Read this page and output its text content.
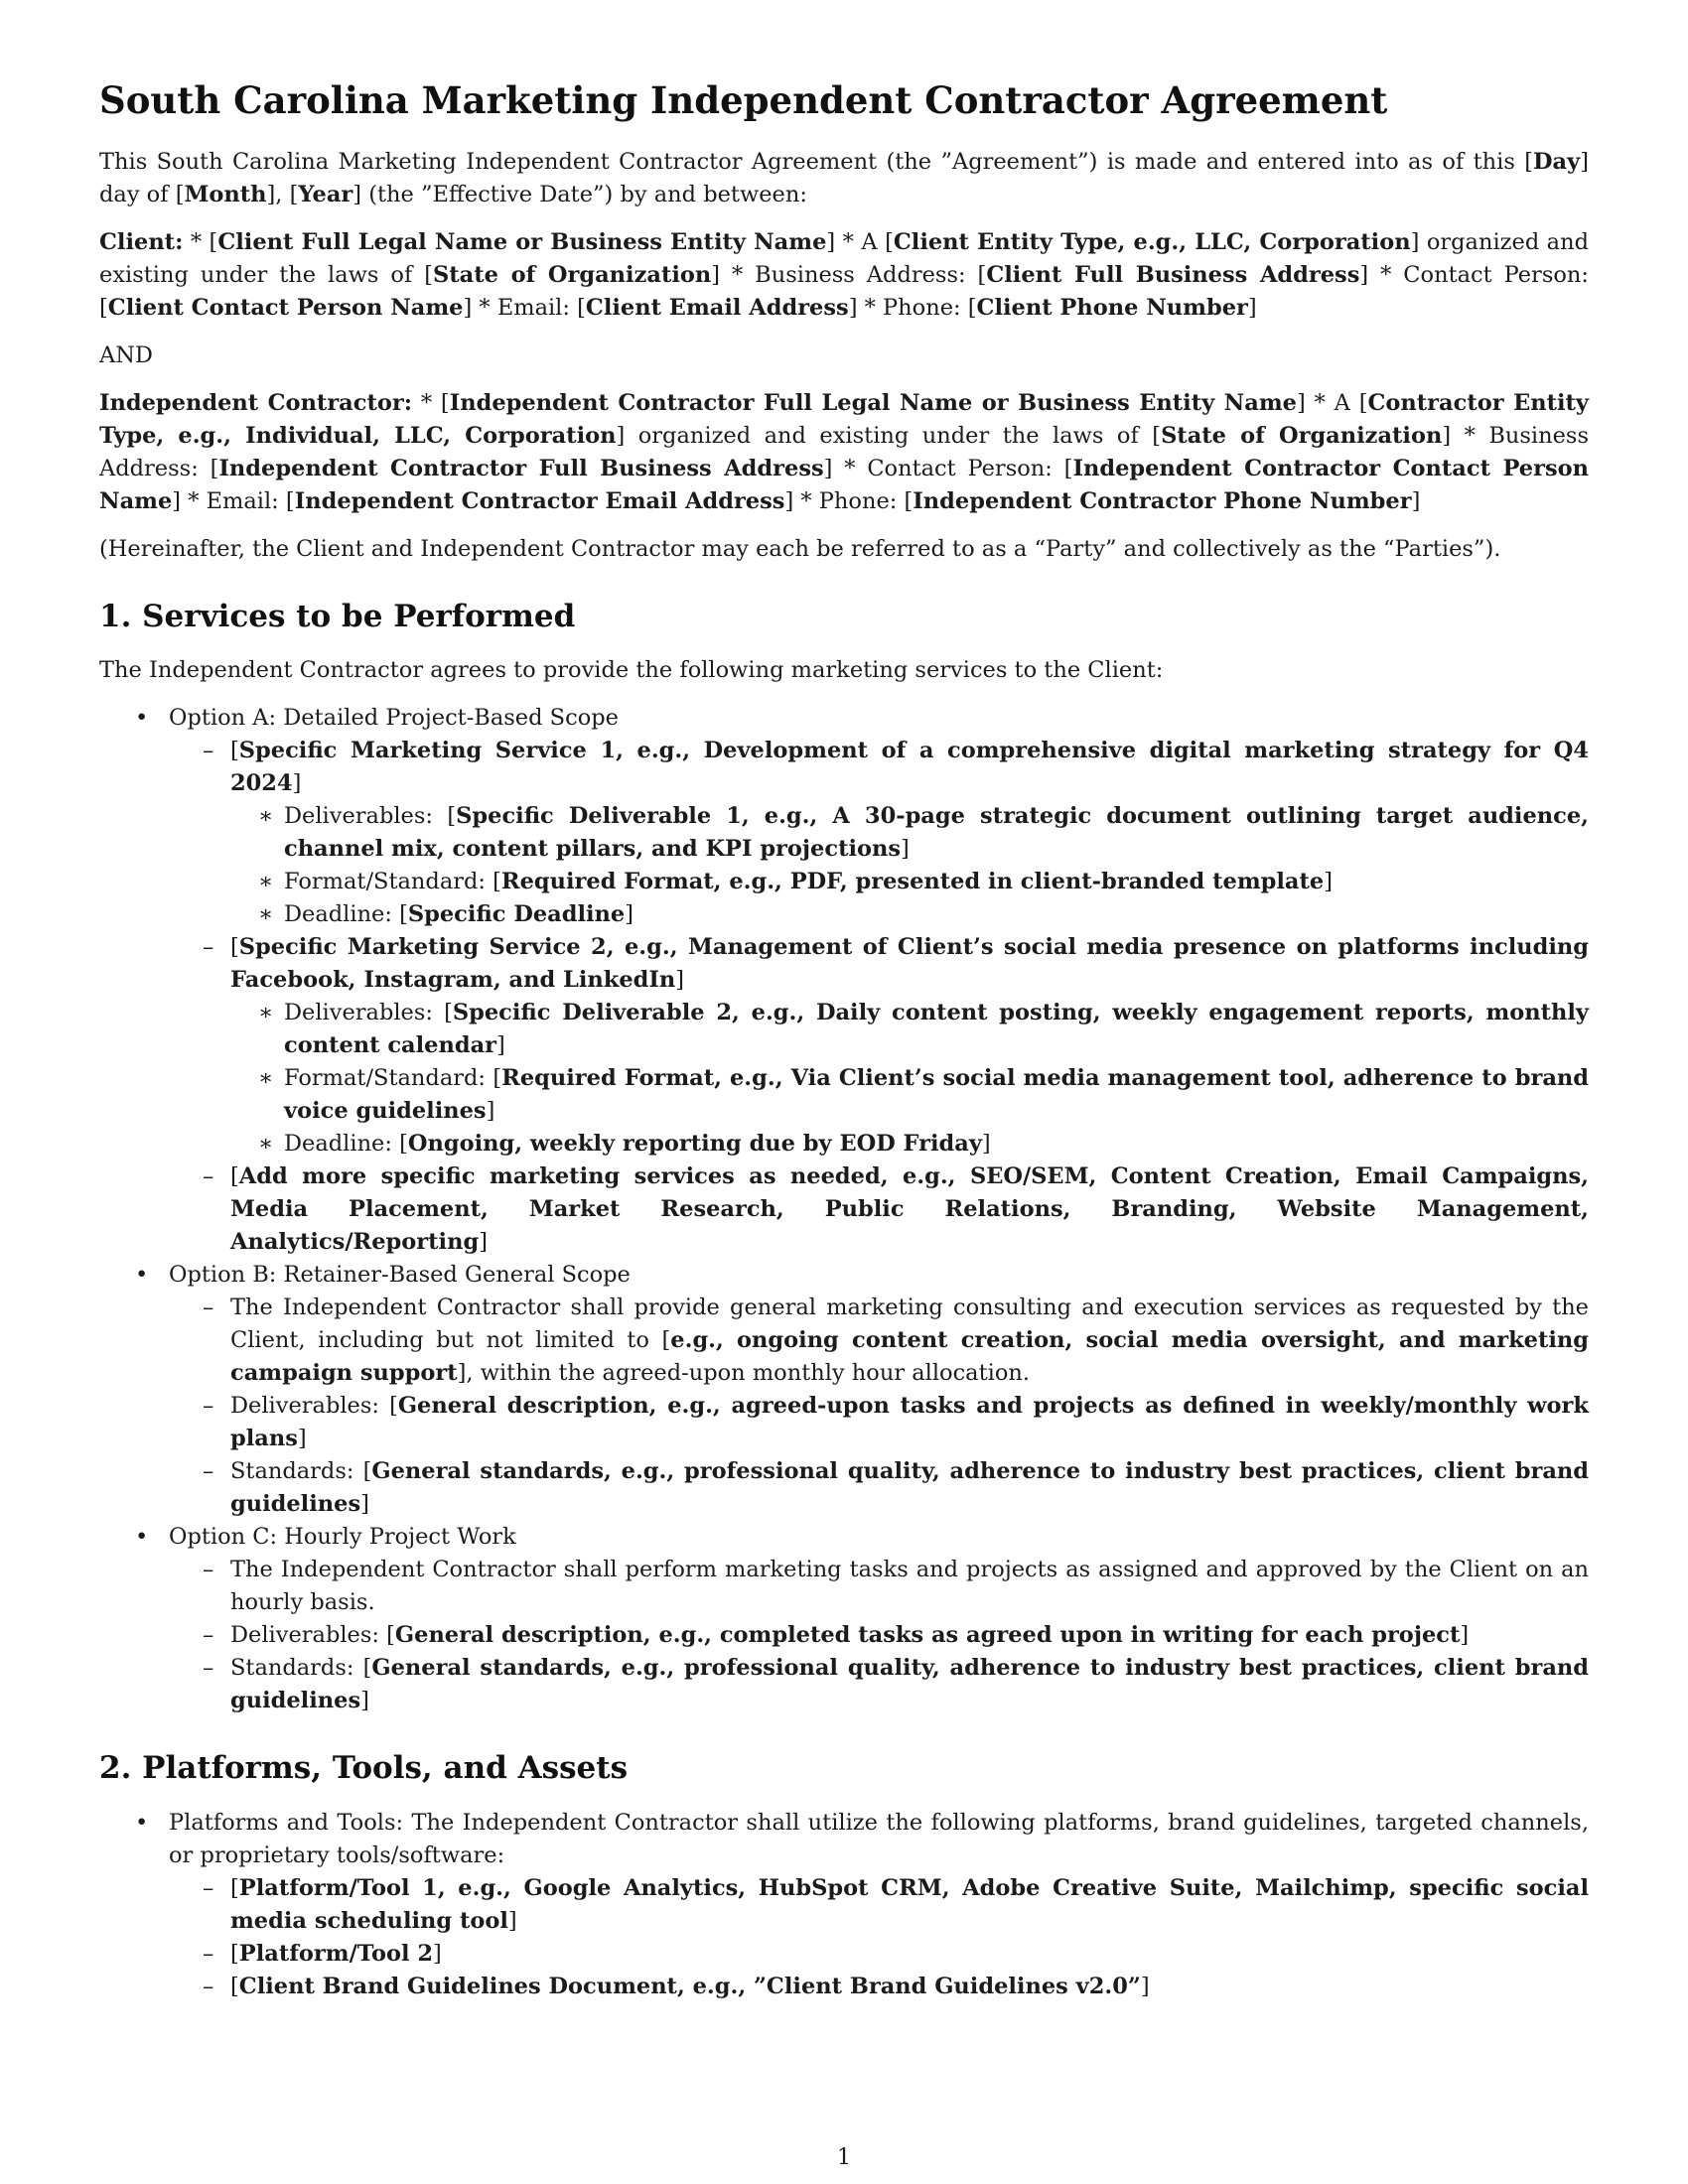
South Carolina Marketing Independent Contractor Agreement

This South Carolina Marketing Independent Contractor Agreement (the ”Agreement”) is made and entered into as of this [Day] day of [Month], [Year] (the ”Effective Date”) by and between:

Client: * [Client Full Legal Name or Business Entity Name] * A [Client Entity Type, e.g., LLC, Corporation] organized and existing under the laws of [State of Organization] * Business Address: [Client Full Business Address] * Contact Person: [Client Contact Person Name] * Email: [Client Email Address] * Phone: [Client Phone Number]

AND

Independent Contractor: * [Independent Contractor Full Legal Name or Business Entity Name] * A [Contractor Entity Type, e.g., Individual, LLC, Corporation] organized and existing under the laws of [State of Organization] * Business Address: [Independent Contractor Full Business Address] * Contact Person: [Independent Contractor Contact Person Name] * Email: [Independent Contractor Email Address] * Phone: [Independent Contractor Phone Number]

(Hereinafter, the Client and Independent Contractor may each be referred to as a “Party” and collectively as the “Parties”).

1. Services to be Performed

The Independent Contractor agrees to provide the following marketing services to the Client:

• Option A: Detailed Project-Based Scope
– [Specific Marketing Service 1, e.g., Development of a comprehensive digital marketing strategy for Q4 2024]
∗ Deliverables: [Specific Deliverable 1, e.g., A 30-page strategic document outlining target audience, channel mix, content pillars, and KPI projections]
∗ Format/Standard: [Required Format, e.g., PDF, presented in client-branded template]
∗ Deadline: [Specific Deadline]
– [Specific Marketing Service 2, e.g., Management of Client’s social media presence on platforms including Facebook, Instagram, and LinkedIn]
∗ Deliverables: [Specific Deliverable 2, e.g., Daily content posting, weekly engagement reports, monthly content calendar]
∗ Format/Standard: [Required Format, e.g., Via Client’s social media management tool, adherence to brand voice guidelines]
∗ Deadline: [Ongoing, weekly reporting due by EOD Friday]
– [Add more specific marketing services as needed, e.g., SEO/SEM, Content Creation, Email Campaigns, Media Placement, Market Research, Public Relations, Branding, Website Management, Analytics/Reporting]
• Option B: Retainer-Based General Scope
– The Independent Contractor shall provide general marketing consulting and execution services as requested by the Client, including but not limited to [e.g., ongoing content creation, social media oversight, and marketing campaign support], within the agreed-upon monthly hour allocation.
– Deliverables: [General description, e.g., agreed-upon tasks and projects as defined in weekly/monthly work plans]
– Standards: [General standards, e.g., professional quality, adherence to industry best practices, client brand guidelines]
• Option C: Hourly Project Work
– The Independent Contractor shall perform marketing tasks and projects as assigned and approved by the Client on an hourly basis.
– Deliverables: [General description, e.g., completed tasks as agreed upon in writing for each project]
– Standards: [General standards, e.g., professional quality, adherence to industry best practices, client brand guidelines]
2. Platforms, Tools, and Assets
• Platforms and Tools: The Independent Contractor shall utilize the following platforms, brand guidelines, targeted channels, or proprietary tools/software:
– [Platform/Tool 1, e.g., Google Analytics, HubSpot CRM, Adobe Creative Suite, Mailchimp, specific social media scheduling tool]
– [Platform/Tool 2]
– [Client Brand Guidelines Document, e.g., ”Client Brand Guidelines v2.0”]
1
